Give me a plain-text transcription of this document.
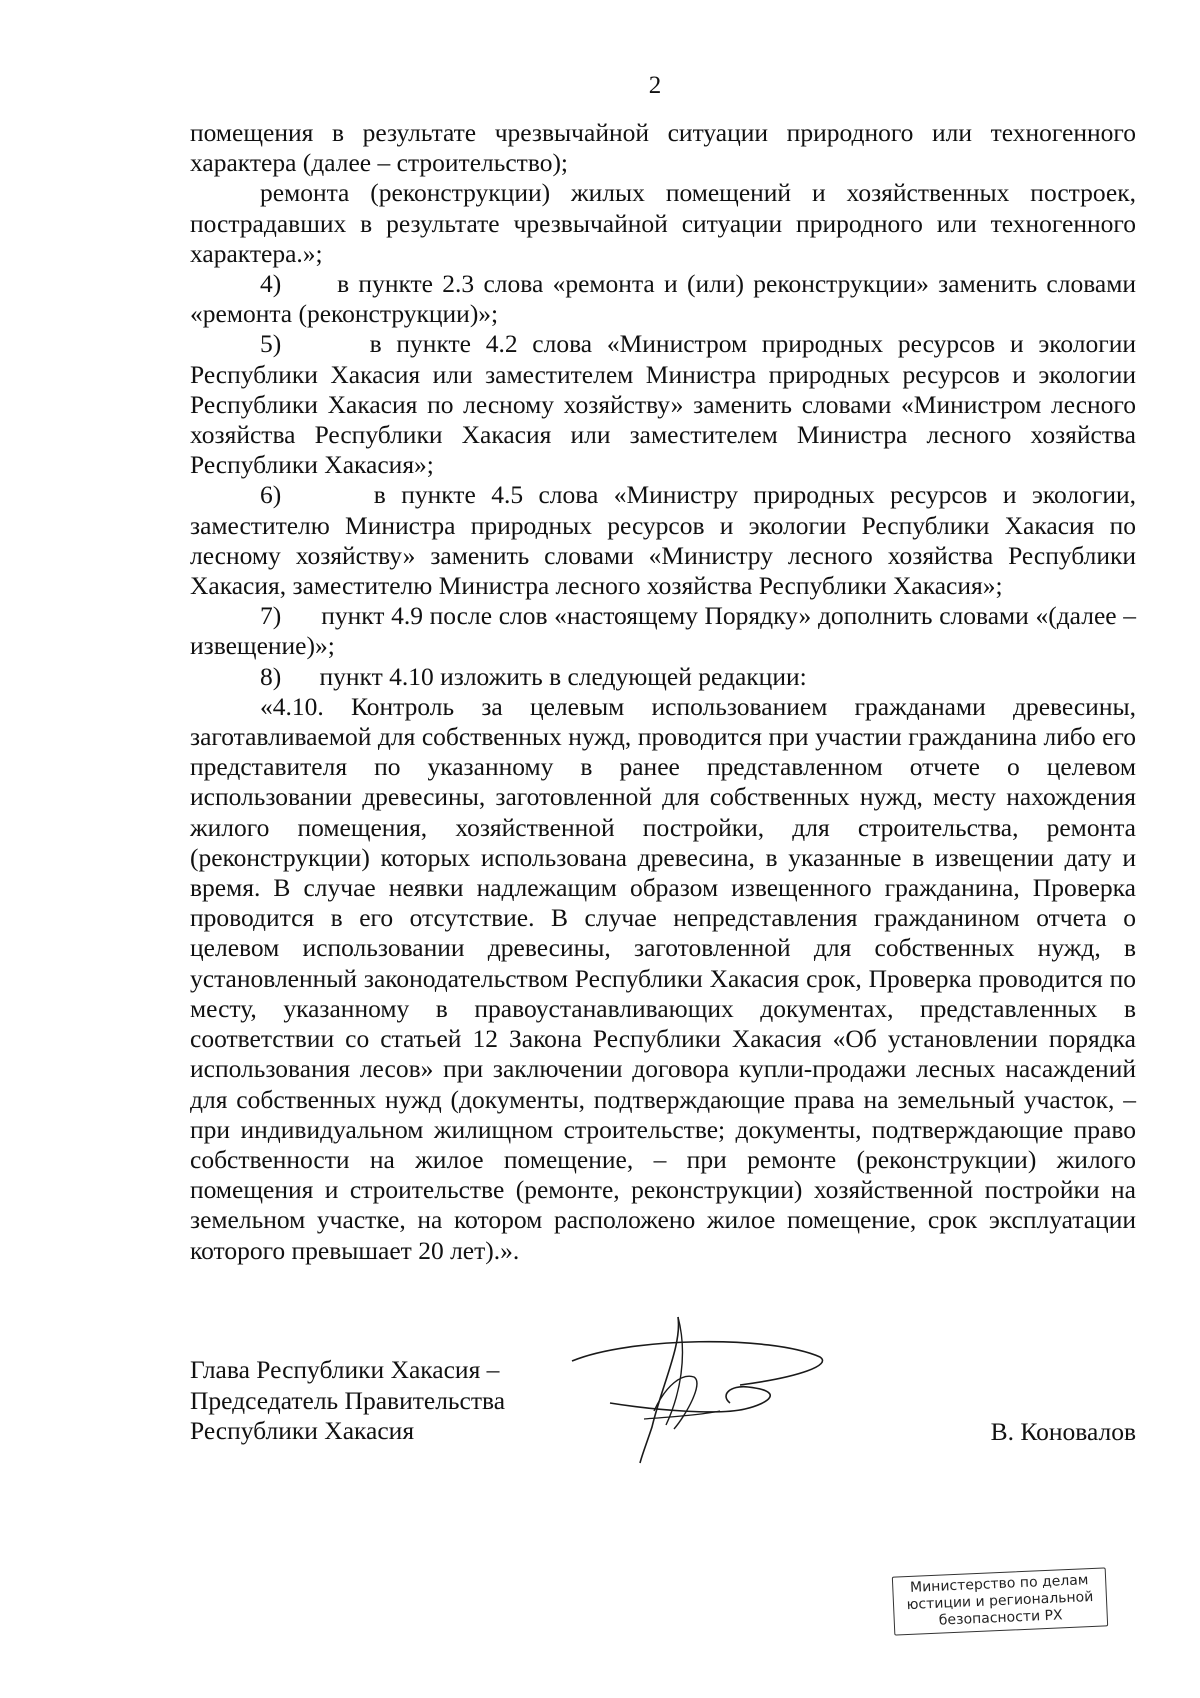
2

помещения в результате чрезвычайной ситуации природного или техногенного характера (далее – строительство);

ремонта (реконструкции) жилых помещений и хозяйственных построек, пострадавших в результате чрезвычайной ситуации природного или техногенного характера.»;

4)      в пункте 2.3 слова «ремонта и (или) реконструкции» заменить словами «ремонта (реконструкции)»;

5)      в пункте 4.2 слова «Министром природных ресурсов и экологии Республики Хакасия или заместителем Министра природных ресурсов и экологии Республики Хакасия по лесному хозяйству» заменить словами «Министром лесного хозяйства Республики Хакасия или заместителем Министра лесного хозяйства Республики Хакасия»;

6)      в пункте 4.5 слова «Министру природных ресурсов и экологии, заместителю Министра природных ресурсов и экологии Республики Хакасия по лесному хозяйству» заменить словами «Министру лесного хозяйства Республики Хакасия, заместителю Министра лесного хозяйства Республики Хакасия»;

7)      пункт 4.9 после слов «настоящему Порядку» дополнить словами «(далее – извещение)»;

8)      пункт 4.10 изложить в следующей редакции:

«4.10. Контроль за целевым использованием гражданами древесины, заготавливаемой для собственных нужд, проводится при участии гражданина либо его представителя по указанному в ранее представленном отчете о целевом использовании древесины, заготовленной для собственных нужд, месту нахождения жилого помещения, хозяйственной постройки, для строительства, ремонта (реконструкции) которых использована древесина, в указанные в извещении дату и время. В случае неявки надлежащим образом извещенного гражданина, Проверка проводится в его отсутствие. В случае непредставления гражданином отчета о целевом использовании древесины, заготовленной для собственных нужд, в установленный законодательством Республики Хакасия срок, Проверка проводится по месту, указанному в правоустанавливающих документах, представленных в соответствии со статьей 12 Закона Республики Хакасия «Об установлении порядка использования лесов» при заключении договора купли-продажи лесных насаждений для собственных нужд (документы, подтверждающие права на земельный участок, – при индивидуальном жилищном строительстве; документы, подтверждающие право собственности на жилое помещение, – при ремонте (реконструкции) жилого помещения и строительстве (ремонте, реконструкции) хозяйственной постройки на земельном участке, на котором расположено жилое помещение, срок эксплуатации которого превышает 20 лет).».

Глава Республики Хакасия –
Председатель Правительства
Республики Хакасия	В. Коновалов
Министерство по делам
юстиции и региональной
безопасности РХ
